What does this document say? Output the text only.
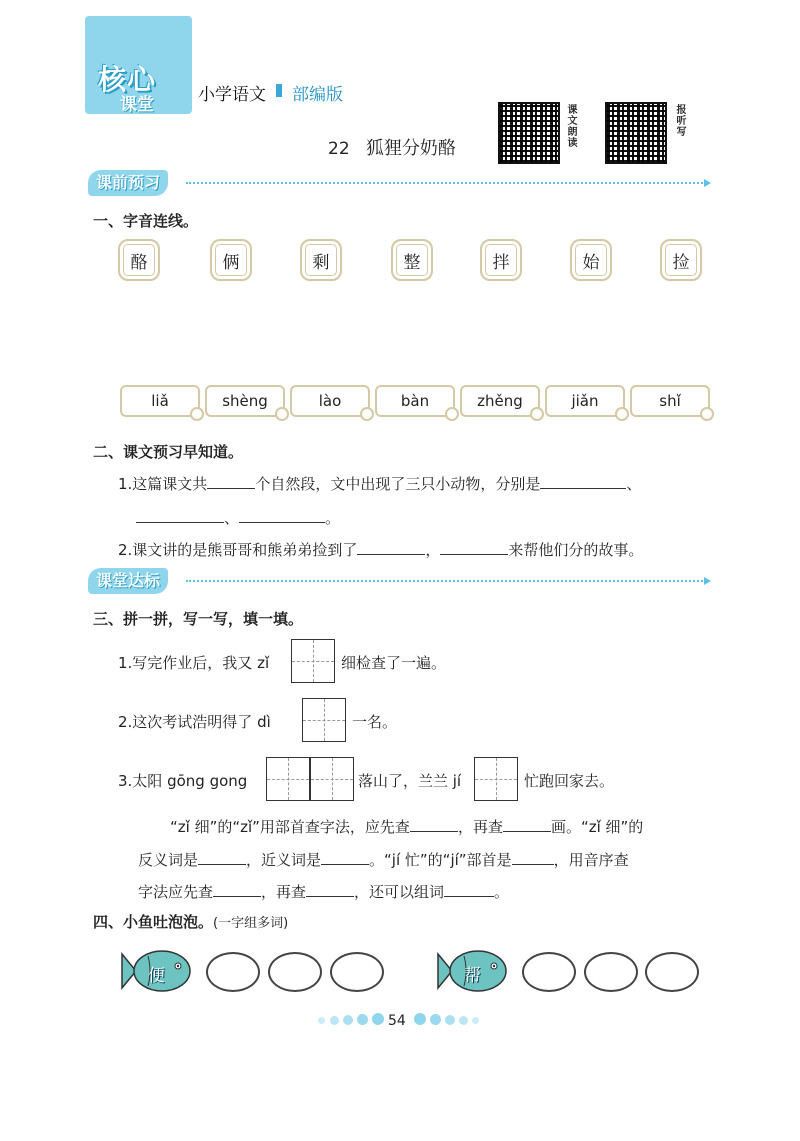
核心
课堂	小学语文 部编版
22 狐狸分奶酪
课文朗读	报听写
课前预习
一、字音连线。
酪	俩	剩	整	拌	始	捡
liǎ	shèng	lào	bàn	zhěng	jiǎn	shǐ
二、课文预习早知道。
1.这篇课文共	个自然段，文中出现了三只小动物，分别是	、
、	。
2.课文讲的是熊哥哥和熊弟弟捡到了	，	来帮他们分的故事。
课堂达标
三、拼一拼，写一写，填一填。
1.写完作业后，我又 zǐ	细检查了一遍。
2.这次考试浩明得了 dì	一名。
3.太阳 gōng gong	落山了，兰兰 jí	忙跑回家去。
“zǐ 细”的“zǐ”用部首查字法，应先查	，再查	画。“zǐ 细”的
反义词是	，近义词是	。“jí 忙”的“jí”部首是	，用音序查
字法应先查	，再查	，还可以组词	。
四、小鱼吐泡泡。(一字组多词)
便	帮
54
